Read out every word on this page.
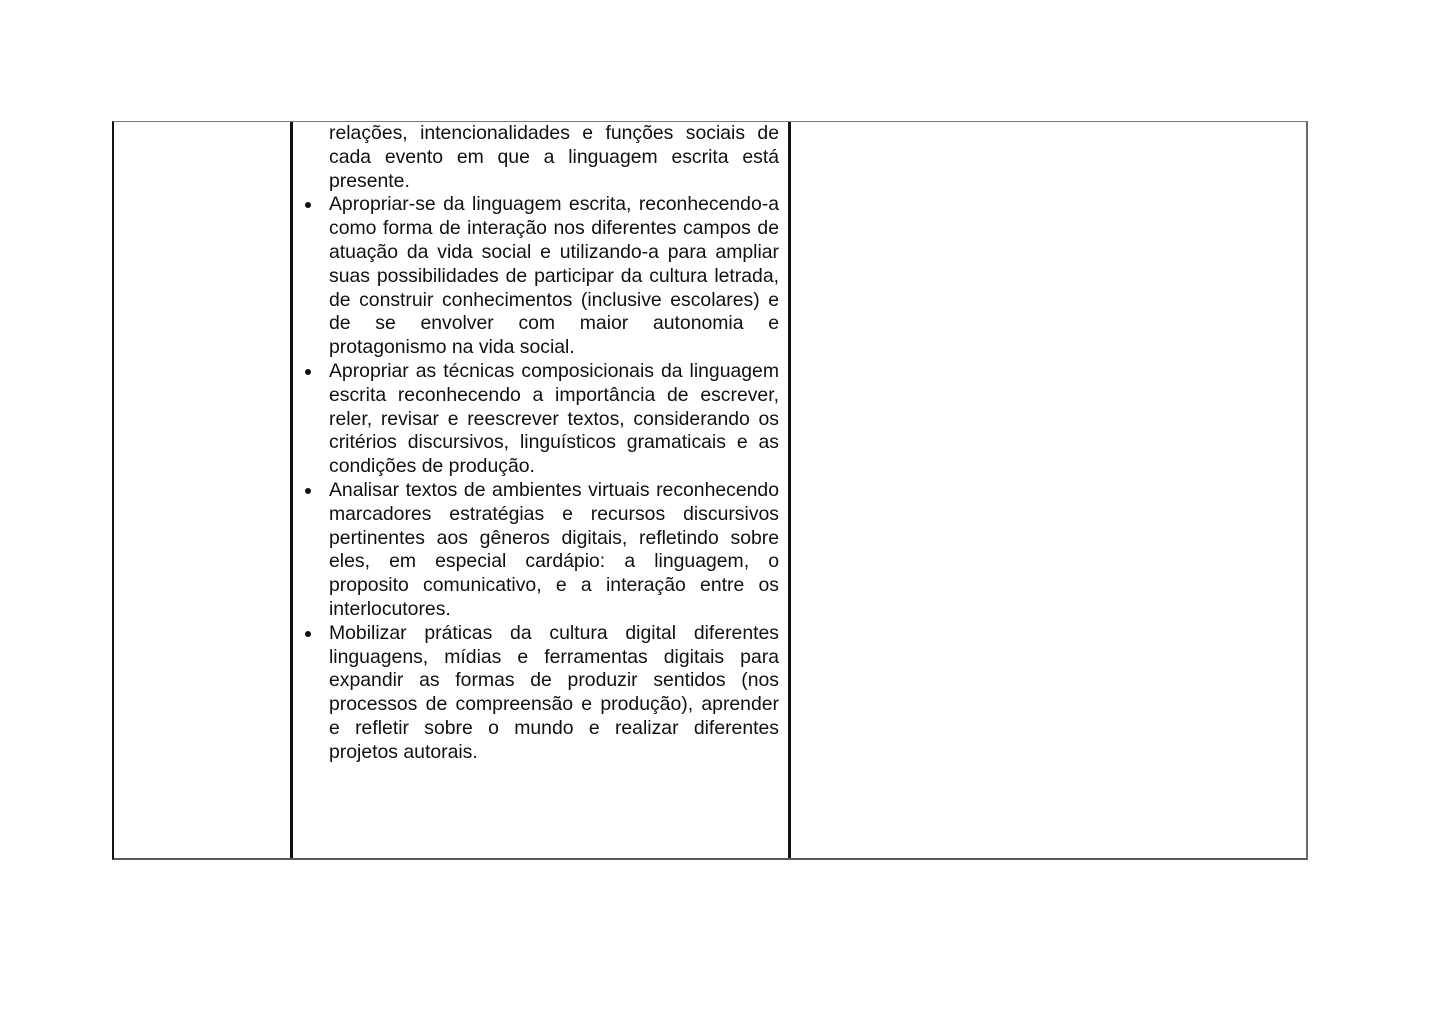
relações, intencionalidades e funções sociais de cada evento em que a linguagem escrita está presente.

Apropriar-se da linguagem escrita, reconhecendo-a como forma de interação nos diferentes campos de atuação da vida social e utilizando-a para ampliar suas possibilidades de participar da cultura letrada, de construir conhecimentos (inclusive escolares) e de se envolver com maior autonomia e protagonismo na vida social.
Apropriar as técnicas composicionais da linguagem escrita reconhecendo a importância de escrever, reler, revisar e reescrever textos, considerando os critérios discursivos, linguísticos gramaticais e as condições de produção.
Analisar textos de ambientes virtuais reconhecendo marcadores estratégias e recursos discursivos pertinentes aos gêneros digitais, refletindo sobre eles, em especial cardápio: a linguagem, o proposito comunicativo, e a interação entre os interlocutores.
Mobilizar práticas da cultura digital diferentes linguagens, mídias e ferramentas digitais para expandir as formas de produzir sentidos (nos processos de compreensão e produção), aprender e refletir sobre o mundo e realizar diferentes projetos autorais.
